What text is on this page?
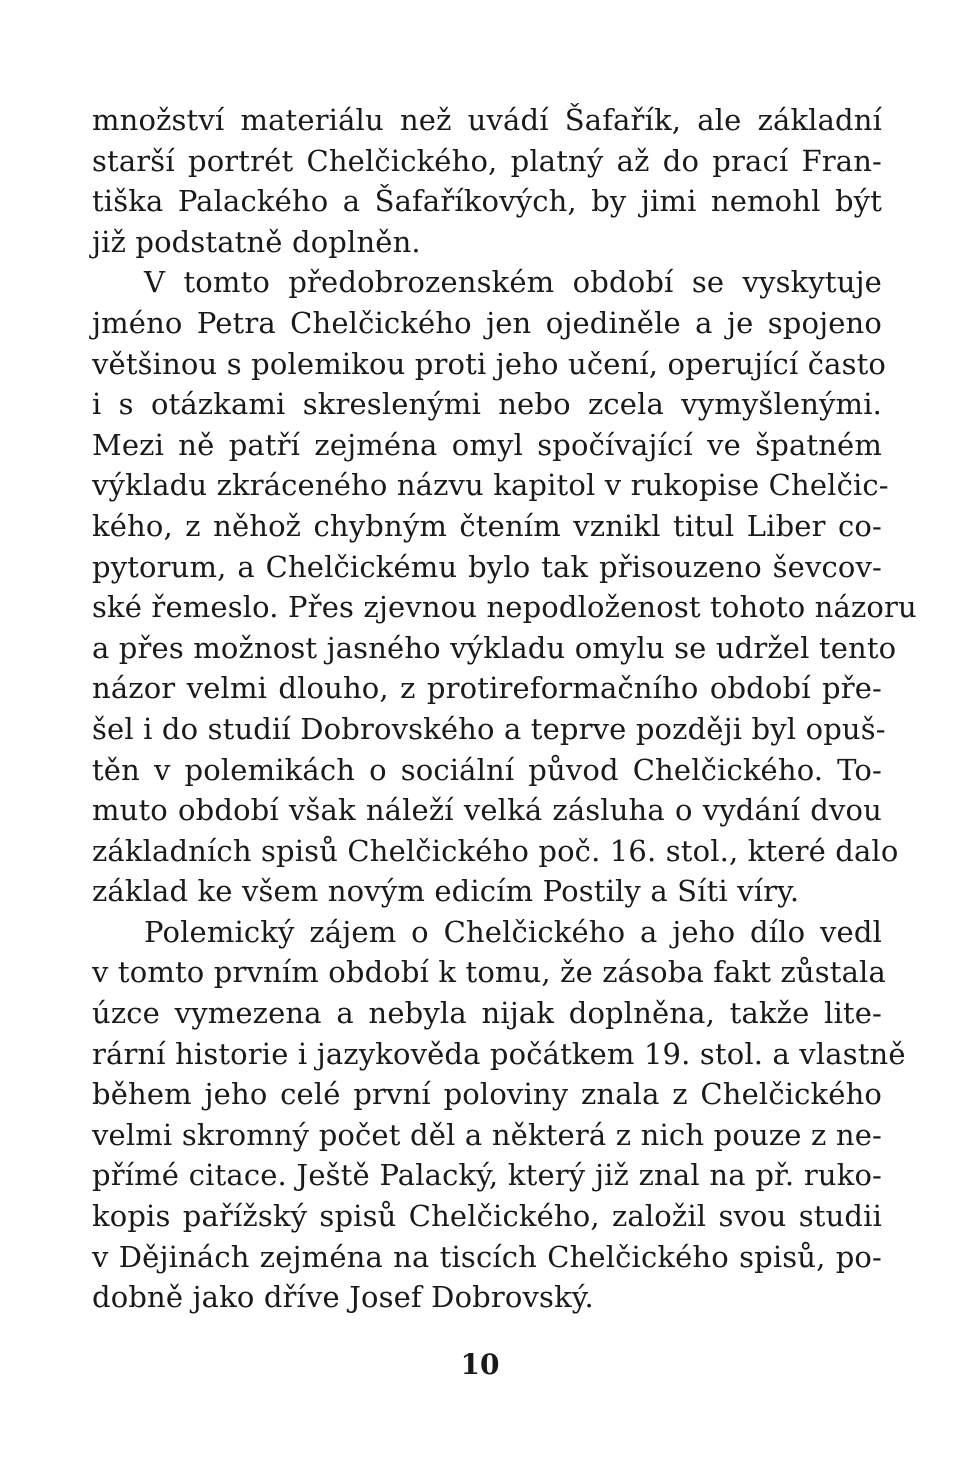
množství materiálu než uvádí Šafařík, ale základní
starší portrét Chelčického, platný až do prací Fran-
tiška Palackého a Šafaříkových, by jimi nemohl být
již podstatně doplněn.
V tomto předobrozenském období se vyskytuje
jméno Petra Chelčického jen ojediněle a je spojeno
většinou s polemikou proti jeho učení, operující často
i s otázkami skreslenými nebo zcela vymyšlenými.
Mezi ně patří zejména omyl spočívající ve špatném
výkladu zkráceného názvu kapitol v rukopise Chelčic-
kého, z něhož chybným čtením vznikl titul Liber co-
pytorum, a Chelčickému bylo tak přisouzeno ševcov-
ské řemeslo. Přes zjevnou nepodloženost tohoto názoru
a přes možnost jasného výkladu omylu se udržel tento
názor velmi dlouho, z protireformačního období pře-
šel i do studií Dobrovského a teprve později byl opuš-
těn v polemikách o sociální původ Chelčického. To-
muto období však náleží velká zásluha o vydání dvou
základních spisů Chelčického poč. 16. stol., které dalo
základ ke všem novým edicím Postily a Síti víry.
Polemický zájem o Chelčického a jeho dílo vedl
v tomto prvním období k tomu, že zásoba fakt zůstala
úzce vymezena a nebyla nijak doplněna, takže lite-
rární historie i jazykověda počátkem 19. stol. a vlastně
během jeho celé první poloviny znala z Chelčického
velmi skromný počet děl a některá z nich pouze z ne-
přímé citace. Ještě Palacký, který již znal na př. ruko-
kopis pařížský spisů Chelčického, založil svou studii
v Dějinách zejména na tiscích Chelčického spisů, po-
dobně jako dříve Josef Dobrovský.
10
